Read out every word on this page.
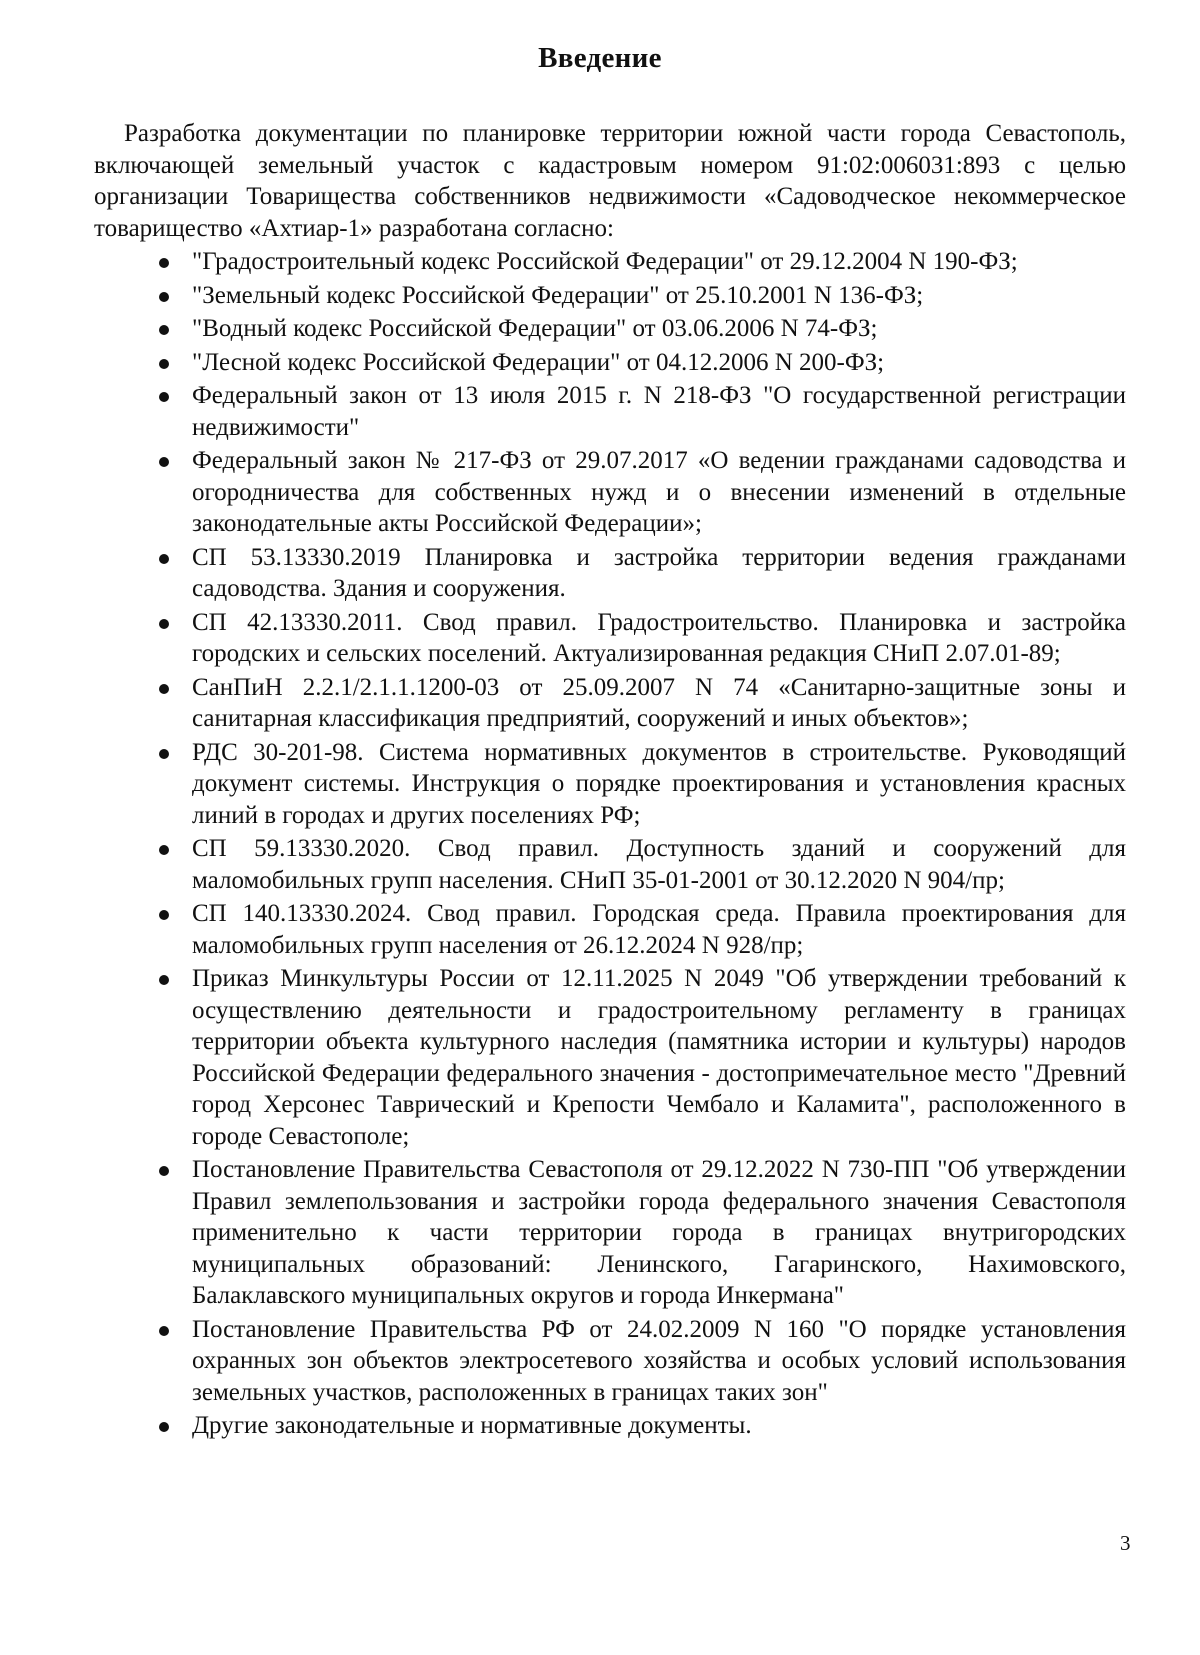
Введение

Разработка документации по планировке территории южной части города Севастополь, включающей земельный участок с кадастровым номером 91:02:006031:893 с целью организации Товарищества собственников недвижимости «Садоводческое некоммерческое товарищество «Ахтиар-1» разработана согласно:

"Градостроительный кодекс Российской Федерации" от 29.12.2004 N 190-ФЗ;
"Земельный кодекс Российской Федерации" от 25.10.2001 N 136-ФЗ;
"Водный кодекс Российской Федерации" от 03.06.2006 N 74-ФЗ;
"Лесной кодекс Российской Федерации" от 04.12.2006 N 200-ФЗ;
Федеральный закон от 13 июля 2015 г. N 218-ФЗ "О государственной регистрации недвижимости"
Федеральный закон № 217-ФЗ от 29.07.2017 «О ведении гражданами садоводства и огородничества для собственных нужд и о внесении изменений в отдельные законодательные акты Российской Федерации»;
СП 53.13330.2019 Планировка и застройка территории ведения гражданами садоводства. Здания и сооружения.
СП 42.13330.2011. Свод правил. Градостроительство. Планировка и застройка городских и сельских поселений. Актуализированная редакция СНиП 2.07.01-89;
СанПиН 2.2.1/2.1.1.1200-03 от 25.09.2007 N 74 «Санитарно-защитные зоны и санитарная классификация предприятий, сооружений и иных объектов»;
РДС 30-201-98. Система нормативных документов в строительстве. Руководящий документ системы. Инструкция о порядке проектирования и установления красных линий в городах и других поселениях РФ;
СП 59.13330.2020. Свод правил. Доступность зданий и сооружений для маломобильных групп населения. СНиП 35-01-2001 от 30.12.2020 N 904/пр;
СП 140.13330.2024. Свод правил. Городская среда. Правила проектирования для маломобильных групп населения от 26.12.2024 N 928/пр;
Приказ Минкультуры России от 12.11.2025 N 2049 "Об утверждении требований к осуществлению деятельности и градостроительному регламенту в границах территории объекта культурного наследия (памятника истории и культуры) народов Российской Федерации федерального значения - достопримечательное место "Древний город Херсонес Таврический и Крепости Чембало и Каламита", расположенного в городе Севастополе;
Постановление Правительства Севастополя от 29.12.2022 N 730-ПП "Об утверждении Правил землепользования и застройки города федерального значения Севастополя применительно к части территории города в границах внутригородских муниципальных образований: Ленинского, Гагаринского, Нахимовского, Балаклавского муниципальных округов и города Инкермана"
Постановление Правительства РФ от 24.02.2009 N 160 "О порядке установления охранных зон объектов электросетевого хозяйства и особых условий использования земельных участков, расположенных в границах таких зон"
Другие законодательные и нормативные документы.
3
